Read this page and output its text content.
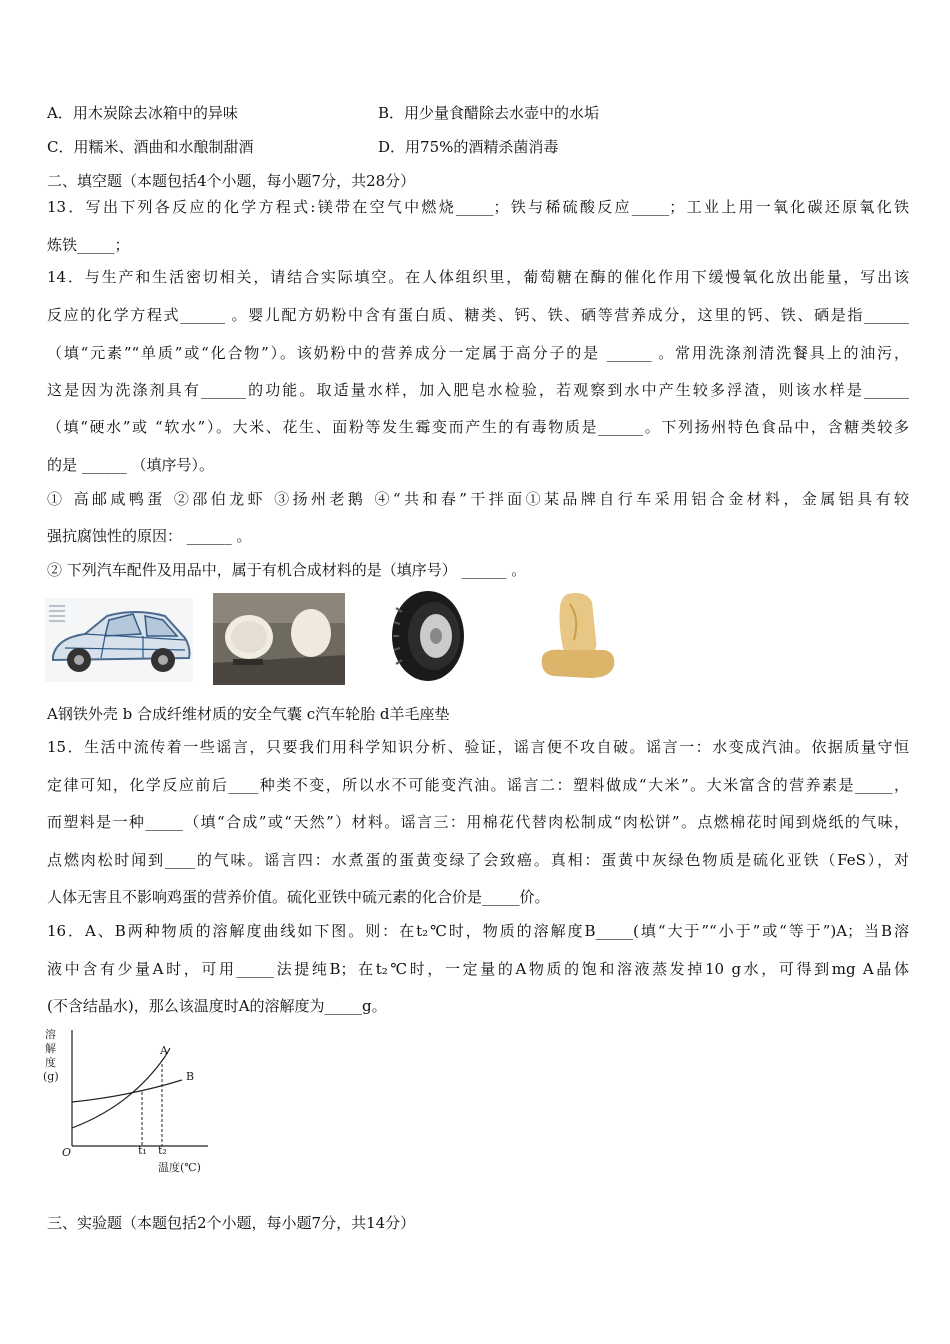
A．用木炭除去冰箱中的异味	B．用少量食醋除去水壶中的水垢
C．用糯米、酒曲和水酿制甜酒	D．用75%的酒精杀菌消毒
二、填空题（本题包括4个小题，每小题7分，共28分）
13．写出下列各反应的化学方程式:镁带在空气中燃烧_____；铁与稀硫酸反应_____；工业上用一氧化碳还原氧化铁
炼铁_____；
14．与生产和生活密切相关，请结合实际填空。在人体组织里，葡萄糖在酶的催化作用下缓慢氧化放出能量，写出该
反应的化学方程式______ 。婴儿配方奶粉中含有蛋白质、糖类、钙、铁、硒等营养成分，这里的钙、铁、硒是指______
（填“元素”“单质”或“化合物”）。该奶粉中的营养成分一定属于高分子的是 ______ 。常用洗涤剂清洗餐具上的油污，
这是因为洗涤剂具有______的功能。取适量水样，加入肥皂水检验，若观察到水中产生较多浮渣，则该水样是______
（填“硬水”或 “软水”）。大米、花生、面粉等发生霉变而产生的有毒物质是______。下列扬州特色食品中，含糖类较多
的是 ______ （填序号）。
① 高邮咸鸭蛋 ②邵伯龙虾 ③扬州老鹅 ④“共和春”干拌面①某品牌自行车采用铝合金材料，金属铝具有较
强抗腐蚀性的原因： ______ 。
② 下列汽车配件及用品中，属于有机合成材料的是（填序号） ______ 。
A钢铁外壳 b 合成纤维材质的安全气囊 c汽车轮胎 d羊毛座垫
15．生活中流传着一些谣言，只要我们用科学知识分析、验证，谣言便不攻自破。谣言一：水变成汽油。依据质量守恒
定律可知，化学反应前后____种类不变，所以水不可能变汽油。谣言二：塑料做成“大米”。大米富含的营养素是_____，
而塑料是一种_____（填“合成”或“天然”）材料。谣言三：用棉花代替肉松制成“肉松饼”。点燃棉花时闻到烧纸的气味，
点燃肉松时闻到____的气味。谣言四：水煮蛋的蛋黄变绿了会致癌。真相：蛋黄中灰绿色物质是硫化亚铁（FeS），对
人体无害且不影响鸡蛋的营养价值。硫化亚铁中硫元素的化合价是_____价。
16．A、B两种物质的溶解度曲线如下图。则：在t₂℃时，物质的溶解度B_____(填“大于”“小于”或“等于”)A；当B溶
液中含有少量A时，可用_____法提纯B；在t₂℃时，一定量的A物质的饱和溶液蒸发掉10 g水，可得到mg A晶体
(不含结晶水)，那么该温度时A的溶解度为_____g。
溶
解
度
(g)
O	t₁ t₂
温度(℃)
A
B
三、实验题（本题包括2个小题，每小题7分，共14分）
